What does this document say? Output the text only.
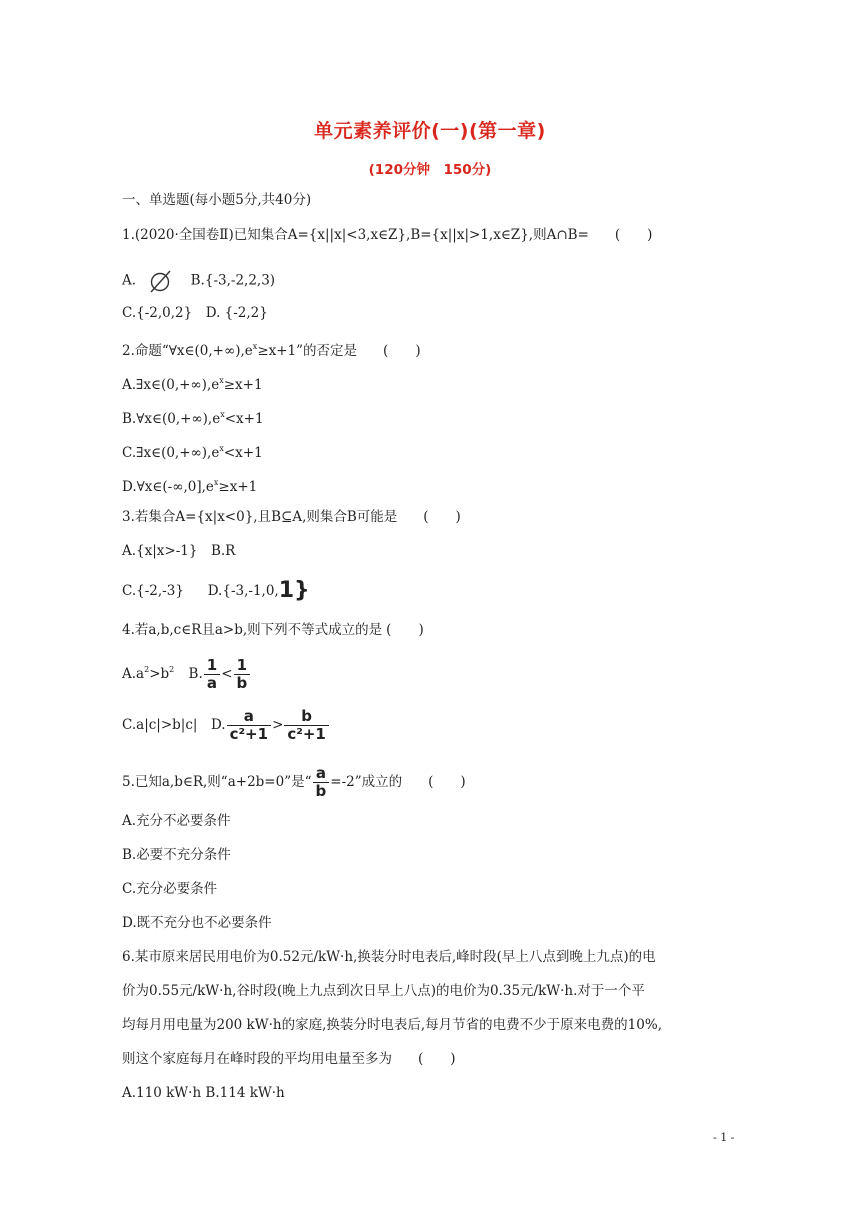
单元素养评价(一)(第一章)
(120分钟　150分)
一、单选题(每小题5分,共40分)
1.(2020·全国卷Ⅱ)已知集合A={x||x|<3,x∈Z},B={x||x|>1,x∈Z},则A∩B= (　　)
A.	B.{-3,-2,2,3)
C.{-2,0,2}　D. {-2,2}
2.命题“$\forall x\in(0,+\infty),e^x\ge x+1$”的否定是 (　　)
$A.\exists x\in(0,+\infty),e^x\ge x+1$
$B.\forall x\in(0,+\infty),e^x<x+1$
$C.\exists x\in(0,+\infty),e^x<x+1$
$D.\forall x\in(-\infty,0],e^x\ge x+1$
3.若集合A={x|x<0},且B⊆A,则集合B可能是 (　　)
A.{x|x>-1}　B.R
C.{-2,-3}　 D.{-3,-1,0,1}
4.若a,b,c∈R且a>b,则下列不等式成立的是 (　　)
$A.a^2>b^2$ B. $\frac{1}{a} < \frac{1}{b}$
C.a|c|>b|c|　D. $\frac{a}{\text{c²+1}} > \frac{b}{\text{c²+1}}$
5.已知a,b∈R,则“a+2b=0”是“ $\frac{a}{b} =-2$”成立的 (　　)
A.充分不必要条件
B.必要不充分条件
C.充分必要条件
D.既不充分也不必要条件
6.某市原来居民用电价为0.52元/kW·h,换装分时电表后,峰时段(早上八点到晚上九点)的电
价为0.55元/kW·h,谷时段(晚上九点到次日早上八点)的电价为0.35元/kW·h.对于一个平
均每月用电量为200 kW·h的家庭,换装分时电表后,每月节省的电费不少于原来电费的10%,
则这个家庭每月在峰时段的平均用电量至多为 (　　)
A.110 kW·h B.114 kW·h
- 1 -
